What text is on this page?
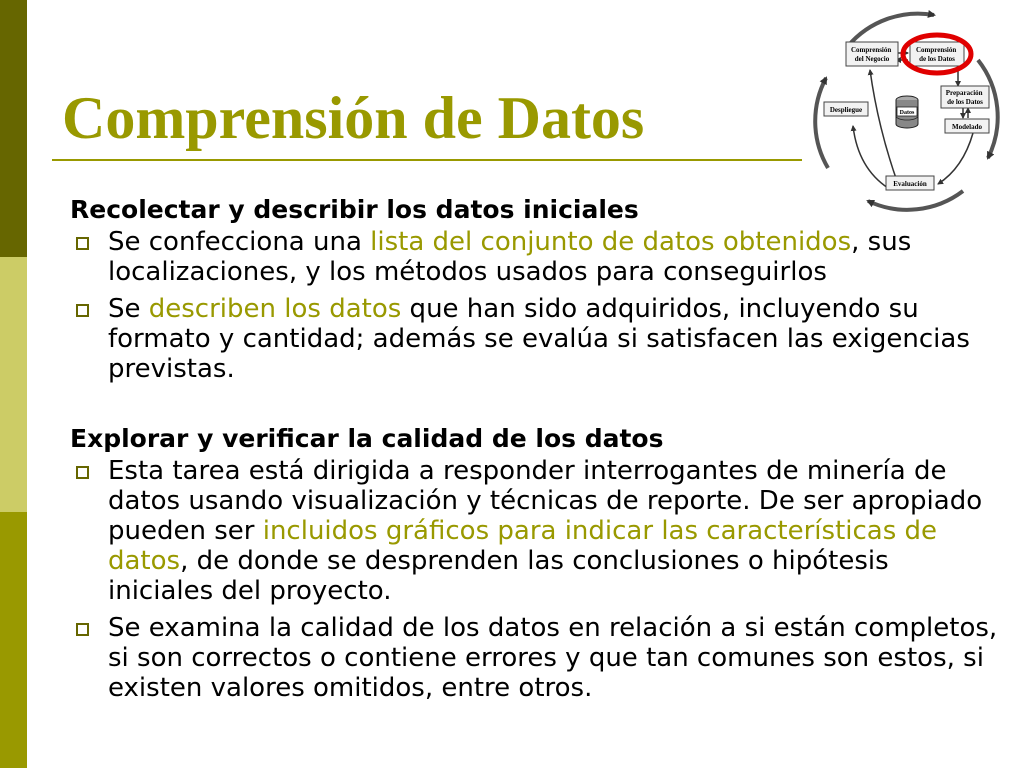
Comprensión de Datos
Comprensión del Negocio
Comprensión de los Datos
Preparación de los Datos
Modelado
Evaluación
Despliegue	Datos
Recolectar y describir los datos iniciales
Se confecciona una lista del conjunto de datos obtenidos, sus localizaciones, y los métodos usados para conseguirlos
Se describen los datos que han sido adquiridos, incluyendo su formato y cantidad; además se evalúa si satisfacen las exigencias previstas.
Explorar y verificar la calidad de los datos
Esta tarea está dirigida a responder interrogantes de minería de datos usando visualización y técnicas de reporte. De ser apropiado pueden ser incluidos gráficos para indicar las características de datos, de donde se desprenden las conclusiones o hipótesis iniciales del proyecto.
Se examina la calidad de los datos en relación a si están completos, si son correctos o contiene errores y que tan comunes son estos, si existen valores omitidos, entre otros.
